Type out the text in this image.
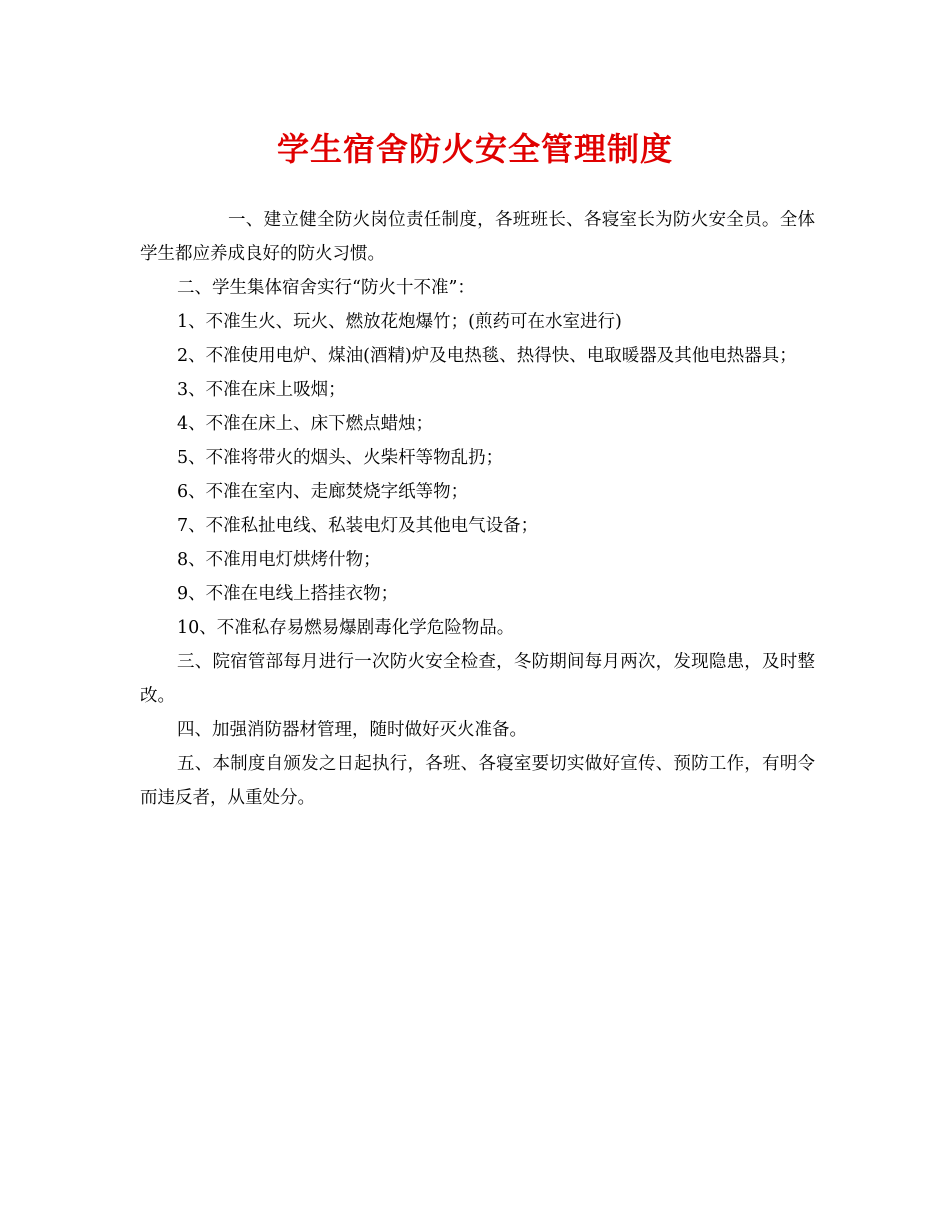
学生宿舍防火安全管理制度

一、建立健全防火岗位责任制度，各班班长、各寝室长为防火安全员。全体学生都应养成良好的防火习惯。

二、学生集体宿舍实行“防火十不准”：

1、不准生火、玩火、燃放花炮爆竹；(煎药可在水室进行)

2、不准使用电炉、煤油(酒精)炉及电热毯、热得快、电取暖器及其他电热器具；

3、不准在床上吸烟；

4、不准在床上、床下燃点蜡烛；

5、不准将带火的烟头、火柴杆等物乱扔；

6、不准在室内、走廊焚烧字纸等物；

7、不准私扯电线、私装电灯及其他电气设备；

8、不准用电灯烘烤什物；

9、不准在电线上搭挂衣物；

10、不准私存易燃易爆剧毒化学危险物品。

三、院宿管部每月进行一次防火安全检查，冬防期间每月两次，发现隐患，及时整改。

四、加强消防器材管理，随时做好灭火准备。

五、本制度自颁发之日起执行，各班、各寝室要切实做好宣传、预防工作，有明令而违反者，从重处分。
